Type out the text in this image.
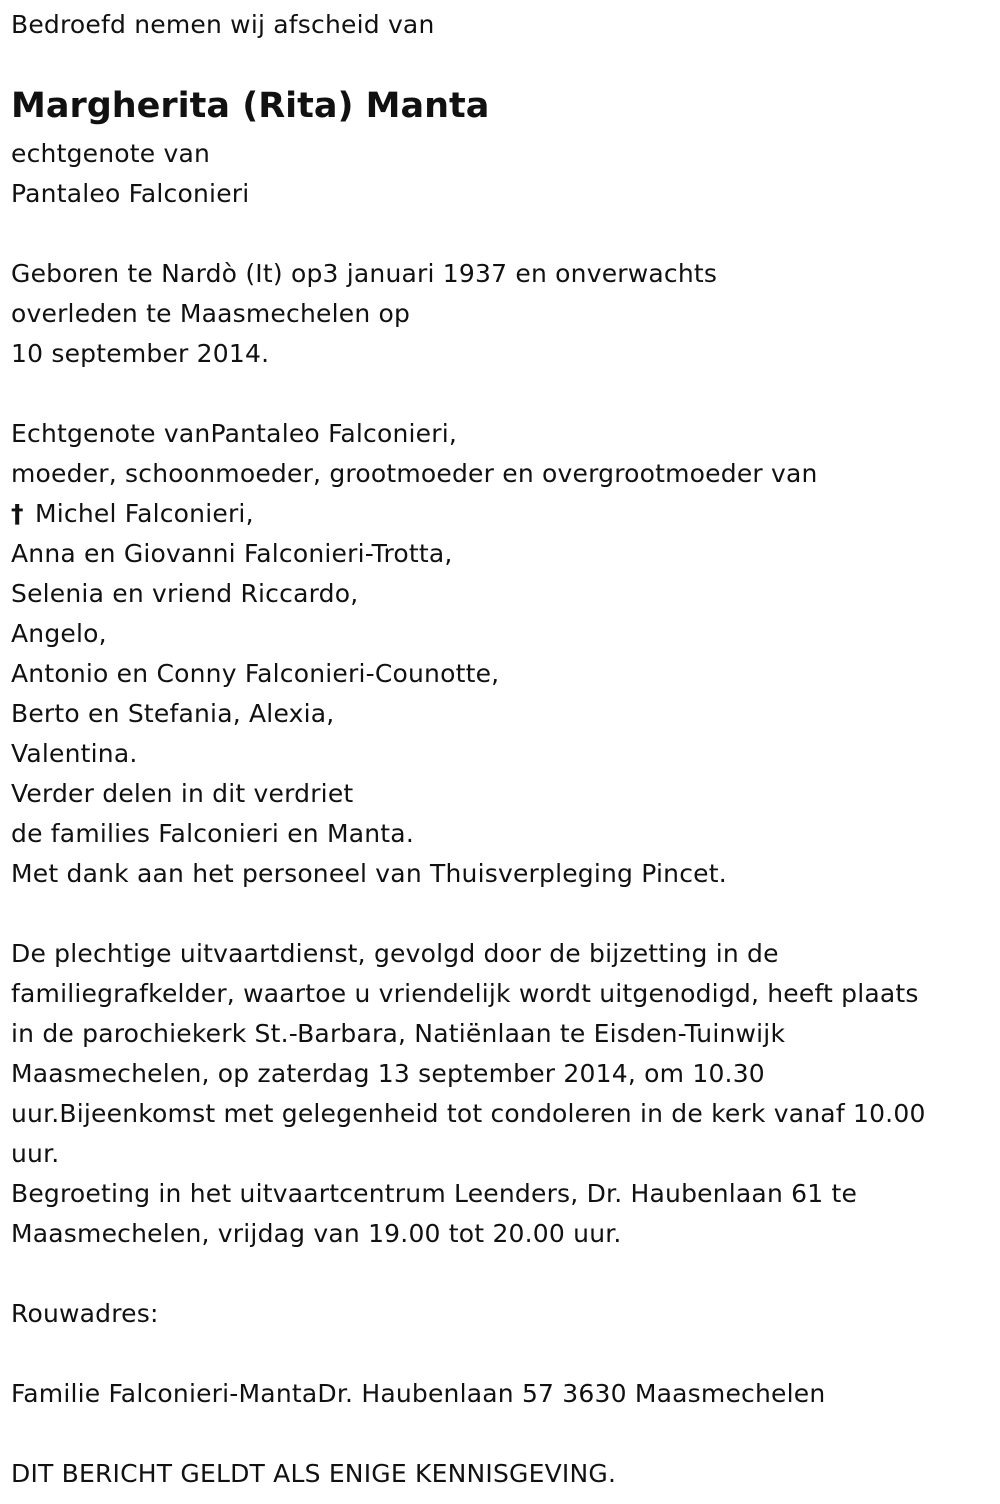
Bedroefd nemen wij afscheid van
Margherita (Rita) Manta
echtgenote van
Pantaleo Falconieri
Geboren te Nardò (It) op3 januari 1937 en onverwachts
overleden te Maasmechelen op
10 september 2014.
Echtgenote vanPantaleo Falconieri,
moeder, schoonmoeder, grootmoeder en overgrootmoeder van
† Michel Falconieri,
Anna en Giovanni Falconieri-Trotta,
Selenia en vriend Riccardo,
Angelo,
Antonio en Conny Falconieri-Counotte,
Berto en Stefania, Alexia,
Valentina.
Verder delen in dit verdriet
de families Falconieri en Manta.
Met dank aan het personeel van Thuisverpleging Pincet.
De plechtige uitvaartdienst, gevolgd door de bijzetting in de
familiegrafkelder, waartoe u vriendelijk wordt uitgenodigd, heeft plaats
in de parochiekerk St.-Barbara, Natiënlaan te Eisden-Tuinwijk
Maasmechelen, op zaterdag 13 september 2014, om 10.30
uur.Bijeenkomst met gelegenheid tot condoleren in de kerk vanaf 10.00
uur.
Begroeting in het uitvaartcentrum Leenders, Dr. Haubenlaan 61 te
Maasmechelen, vrijdag van 19.00 tot 20.00 uur.
Rouwadres:
Familie Falconieri-MantaDr. Haubenlaan 57 3630 Maasmechelen
DIT BERICHT GELDT ALS ENIGE KENNISGEVING.
